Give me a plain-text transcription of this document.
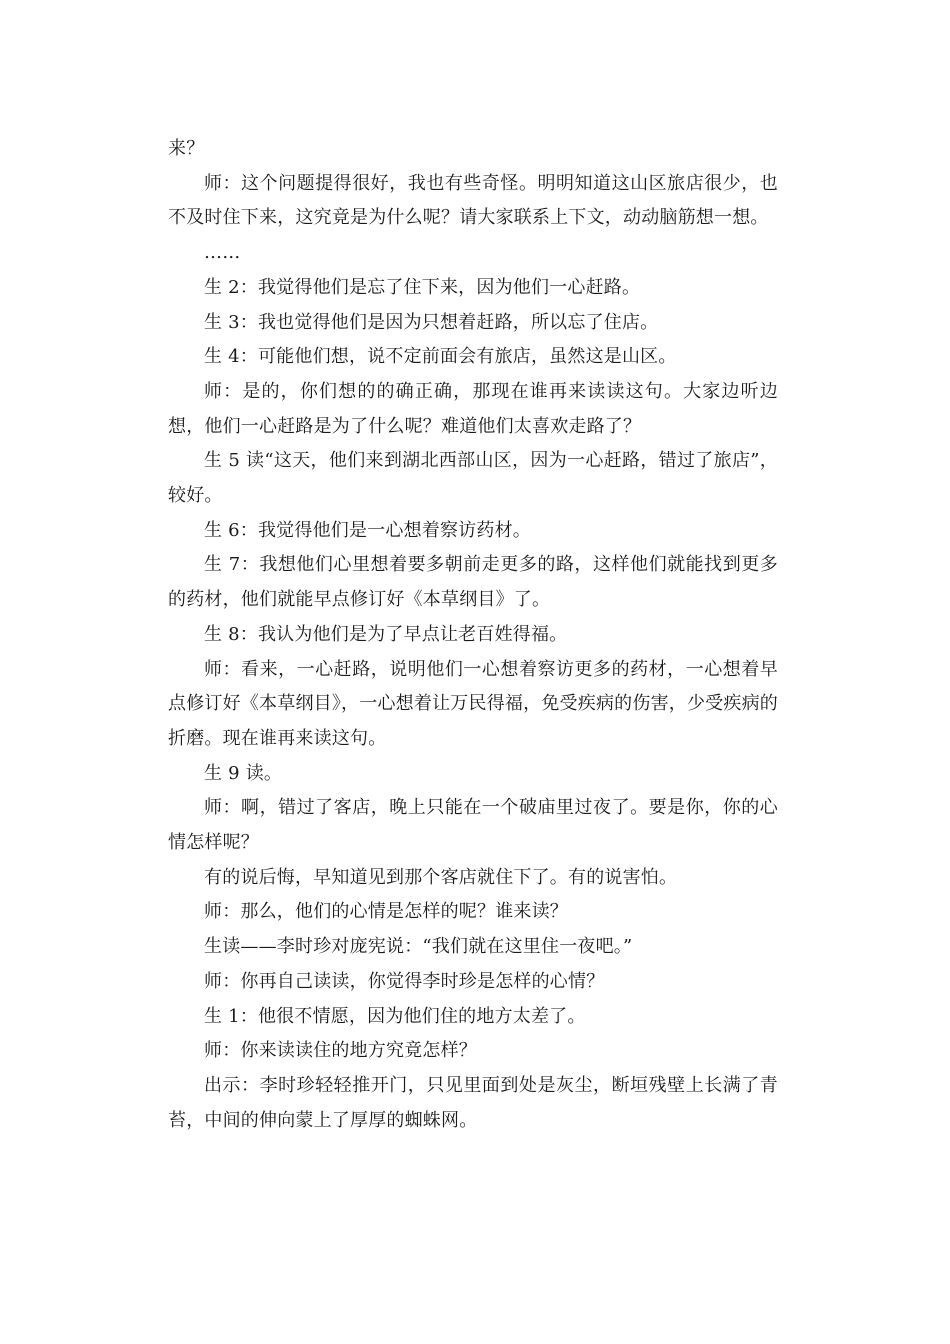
来？

师：这个问题提得很好，我也有些奇怪。明明知道这山区旅店很少，也不及时住下来，这究竟是为什么呢？请大家联系上下文，动动脑筋想一想。

……

生 2：我觉得他们是忘了住下来，因为他们一心赶路。

生 3：我也觉得他们是因为只想着赶路，所以忘了住店。

生 4：可能他们想，说不定前面会有旅店，虽然这是山区。

师：是的，你们想的的确正确，那现在谁再来读读这句。大家边听边想，他们一心赶路是为了什么呢？难道他们太喜欢走路了？

生 5 读“这天，他们来到湖北西部山区，因为一心赶路，错过了旅店”，较好。

生 6：我觉得他们是一心想着察访药材。

生 7：我想他们心里想着要多朝前走更多的路，这样他们就能找到更多的药材，他们就能早点修订好《本草纲目》了。

生 8：我认为他们是为了早点让老百姓得福。

师：看来，一心赶路，说明他们一心想着察访更多的药材，一心想着早点修订好《本草纲目》，一心想着让万民得福，免受疾病的伤害，少受疾病的折磨。现在谁再来读这句。

生 9 读。

师：啊，错过了客店，晚上只能在一个破庙里过夜了。要是你，你的心情怎样呢？

有的说后悔，早知道见到那个客店就住下了。有的说害怕。

师：那么，他们的心情是怎样的呢？谁来读？

生读——李时珍对庞宪说：“我们就在这里住一夜吧。”

师：你再自己读读，你觉得李时珍是怎样的心情？

生 1：他很不情愿，因为他们住的地方太差了。

师：你来读读住的地方究竟怎样？

出示：李时珍轻轻推开门，只见里面到处是灰尘，断垣残壁上长满了青苔，中间的伸向蒙上了厚厚的蜘蛛网。
